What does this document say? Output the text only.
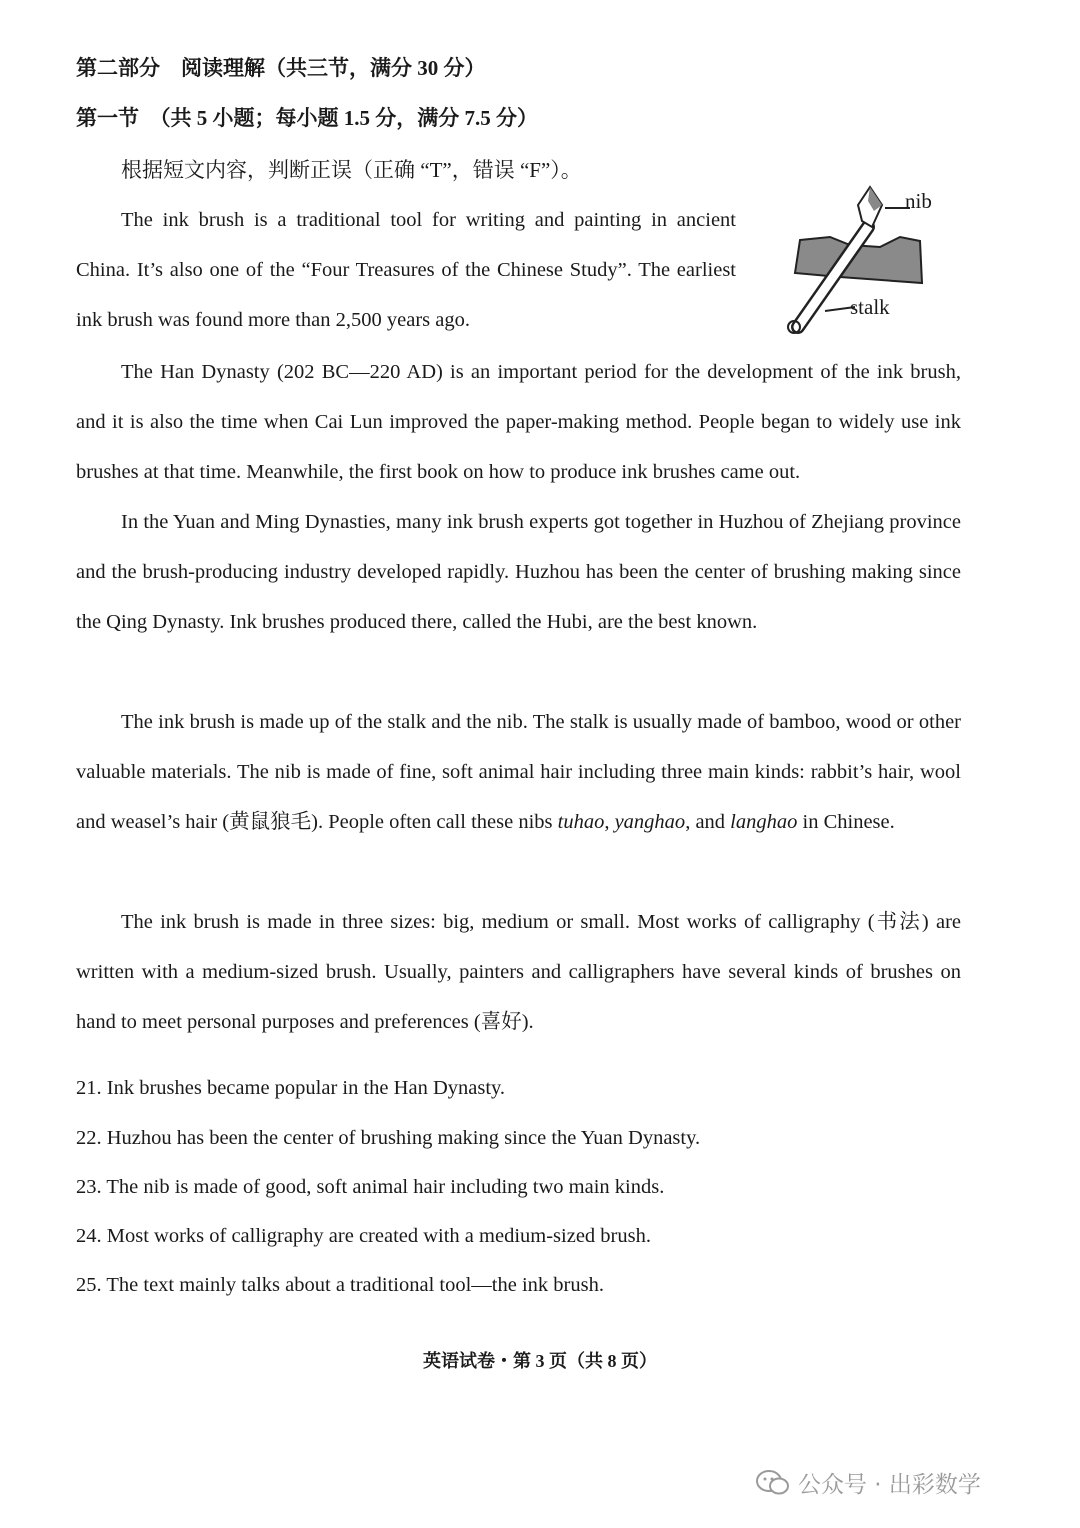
第二部分　阅读理解（共三节，满分 30 分）
第一节　（共 5 小题；每小题 1.5 分，满分 7.5 分）
根据短文内容，判断正误（正确 “T”，错误 “F”）。
nib
stalk

The ink brush is a traditional tool for writing and painting in ancient China. It’s also one of the “Four Treasures of the Chinese Study”. The earliest ink brush was found more than 2,500 years ago.

The Han Dynasty (202 BC—220 AD) is an important period for the development of the ink brush, and it is also the time when Cai Lun improved the paper-making method. People began to widely use ink brushes at that time. Meanwhile, the first book on how to produce ink brushes came out.

In the Yuan and Ming Dynasties, many ink brush experts got together in Huzhou of Zhejiang province and the brush-producing industry developed rapidly. Huzhou has been the center of brushing making since the Qing Dynasty. Ink brushes produced there, called the Hubi, are the best known.

The ink brush is made up of the stalk and the nib. The stalk is usually made of bamboo, wood or other valuable materials. The nib is made of fine, soft animal hair including three main kinds: rabbit’s hair, wool and weasel’s hair (黄鼠狼毛). People often call these nibs tuhao, yanghao, and langhao in Chinese.

The ink brush is made in three sizes: big, medium or small. Most works of calligraphy (书法) are written with a medium-sized brush. Usually, painters and calligraphers have several kinds of brushes on hand to meet personal purposes and preferences (喜好).

21. Ink brushes became popular in the Han Dynasty.
22. Huzhou has been the center of brushing making since the Yuan Dynasty.
23. The nib is made of good, soft animal hair including two main kinds.
24. Most works of calligraphy are created with a medium-sized brush.
25. The text mainly talks about a traditional tool—the ink brush.
英语试卷・第 3 页（共 8 页）
公众号 · 出彩数学
